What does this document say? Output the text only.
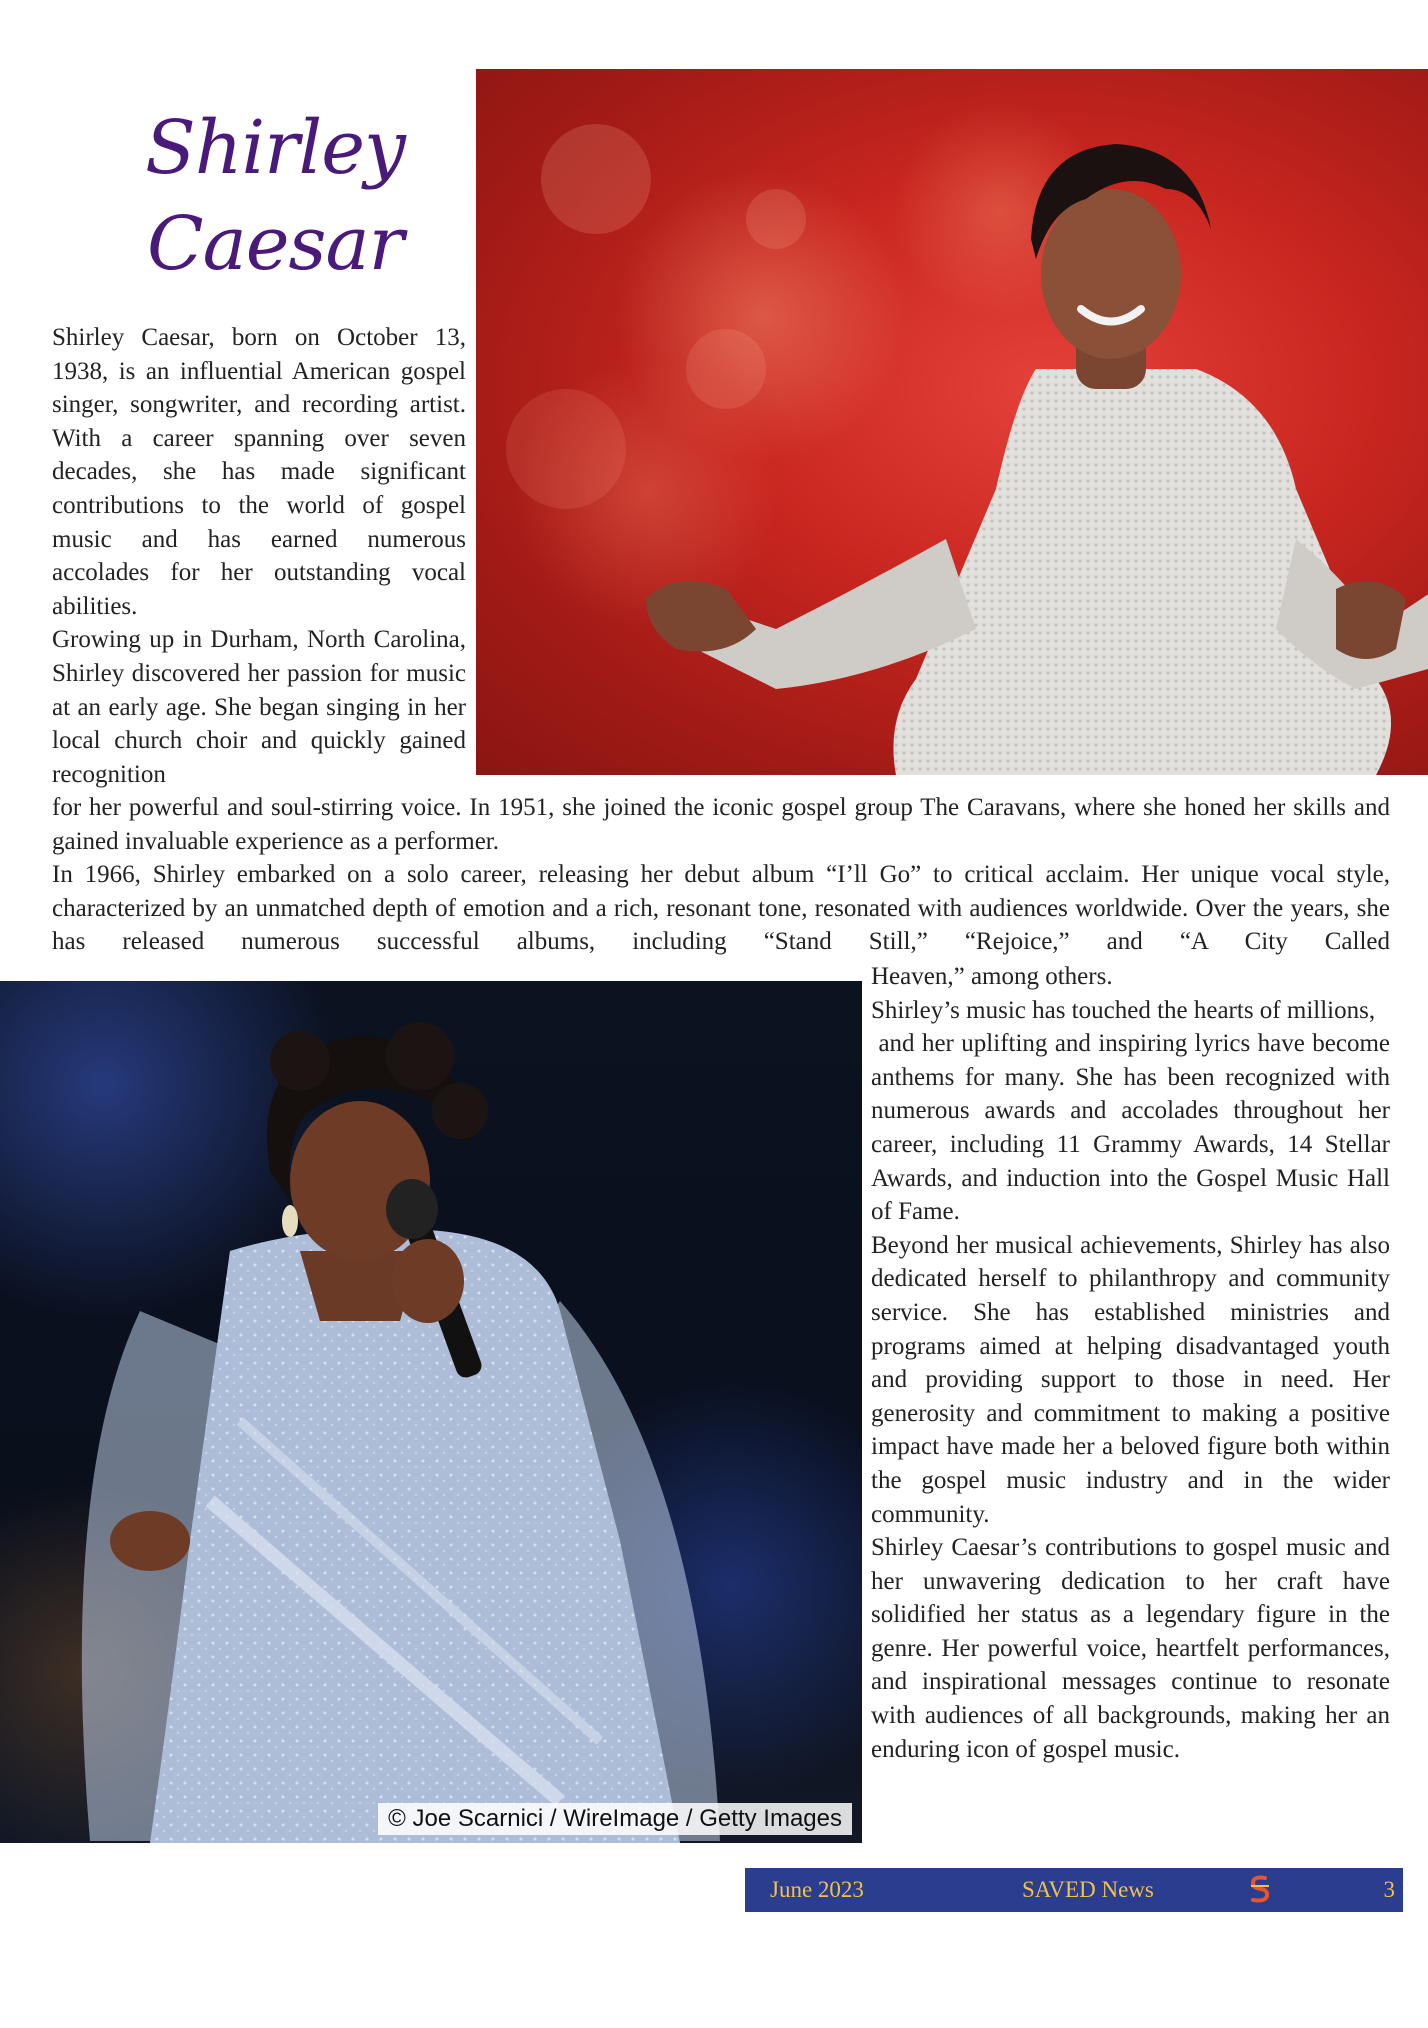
Shirley
Caesar
© Joe Scarnici / WireImage / Getty Images

Shirley Caesar, born on October 13, 1938, is an influential American gospel singer, songwriter, and recording artist. With a career spanning over seven decades, she has made significant contributions to the world of gospel music and has earned numerous accolades for her outstanding vocal abilities.

Growing up in Durham, North Carolina, Shirley discovered her passion for music at an early age. She began singing in her local church choir and quickly gained recognition

for her powerful and soul-stirring voice. In 1951, she joined the iconic gospel group The Caravans, where she honed her skills and gained invaluable experience as a performer.

In 1966, Shirley embarked on a solo career, releasing her debut album “I’ll Go” to critical acclaim. Her unique vocal style, characterized by an unmatched depth of emotion and a rich, resonant tone, resonated with audiences worldwide. Over the years, she has released numerous successful albums, including “Stand Still,” “Rejoice,” and “A City Called

Heaven,” among others.

Shirley’s music has touched the hearts of millions,

and her uplifting and inspiring lyrics have become anthems for many. She has been recognized with numerous awards and accolades throughout her career, including 11 Grammy Awards, 14 Stellar Awards, and induction into the Gospel Music Hall of Fame.

Beyond her musical achievements, Shirley has also dedicated herself to philanthropy and community service. She has established ministries and programs aimed at helping disadvantaged youth and providing support to those in need. Her generosity and commitment to making a positive impact have made her a beloved figure both within the gospel music industry and in the wider community.

Shirley Caesar’s contributions to gospel music and her unwavering dedication to her craft have solidified her status as a legendary figure in the genre. Her powerful voice, heartfelt performances, and inspirational messages continue to resonate with audiences of all backgrounds, making her an enduring icon of gospel music.

June 2023	SAVED News	3
